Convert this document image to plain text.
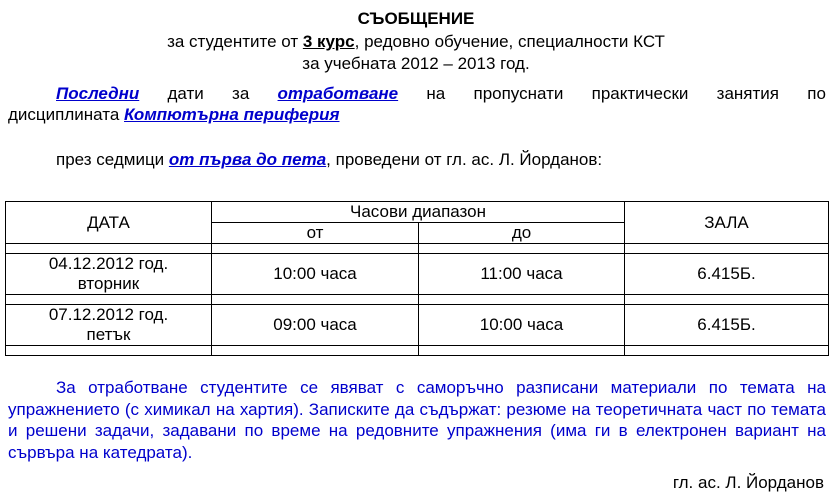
СЪОБЩЕНИЕ
за студентите от 3 курс, редовно обучение, специалности КСТ
за учебната 2012 – 2013 год.
Последни дати за отработване на пропуснати практически занятия по
дисциплината Компютърна периферия
през седмици от първа до пета, проведени от гл. ас. Л. Йорданов:
ДАТА	Часови диапазон		ЗАЛА
	от	до	

04.12.2012 год.
вторник	10:00 часа	11:00 часа	6.415Б.

07.12.2012 год.
петък	09:00 часа	10:00 часа	6.415Б.

За отработване студентите се явяват с саморъчно разписани материали по темата на упражнението (с химикал на хартия). Записките да съдържат: резюме на теоретичната част по темата и решени задачи, задавани по време на редовните упражнения (има ги в електронен вариант на сървъра на катедрата).
гл. ас. Л. Йорданов
